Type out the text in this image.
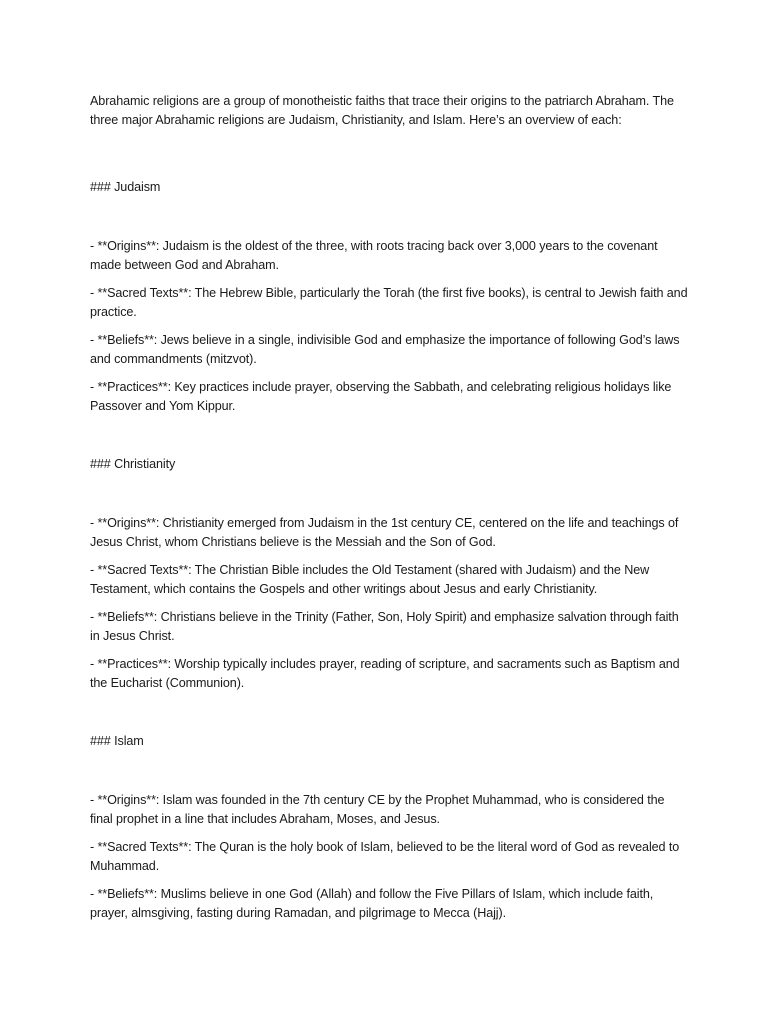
Abrahamic religions are a group of monotheistic faiths that trace their origins to the patriarch Abraham. The three major Abrahamic religions are Judaism, Christianity, and Islam. Here’s an overview of each:

### Judaism

- **Origins**: Judaism is the oldest of the three, with roots tracing back over 3,000 years to the covenant made between God and Abraham.

- **Sacred Texts**: The Hebrew Bible, particularly the Torah (the first five books), is central to Jewish faith and practice.

- **Beliefs**: Jews believe in a single, indivisible God and emphasize the importance of following God’s laws and commandments (mitzvot).

- **Practices**: Key practices include prayer, observing the Sabbath, and celebrating religious holidays like Passover and Yom Kippur.

### Christianity

- **Origins**: Christianity emerged from Judaism in the 1st century CE, centered on the life and teachings of Jesus Christ, whom Christians believe is the Messiah and the Son of God.

- **Sacred Texts**: The Christian Bible includes the Old Testament (shared with Judaism) and the New Testament, which contains the Gospels and other writings about Jesus and early Christianity.

- **Beliefs**: Christians believe in the Trinity (Father, Son, Holy Spirit) and emphasize salvation through faith in Jesus Christ.

- **Practices**: Worship typically includes prayer, reading of scripture, and sacraments such as Baptism and the Eucharist (Communion).

### Islam

- **Origins**: Islam was founded in the 7th century CE by the Prophet Muhammad, who is considered the final prophet in a line that includes Abraham, Moses, and Jesus.

- **Sacred Texts**: The Quran is the holy book of Islam, believed to be the literal word of God as revealed to Muhammad.

- **Beliefs**: Muslims believe in one God (Allah) and follow the Five Pillars of Islam, which include faith, prayer, almsgiving, fasting during Ramadan, and pilgrimage to Mecca (Hajj).
